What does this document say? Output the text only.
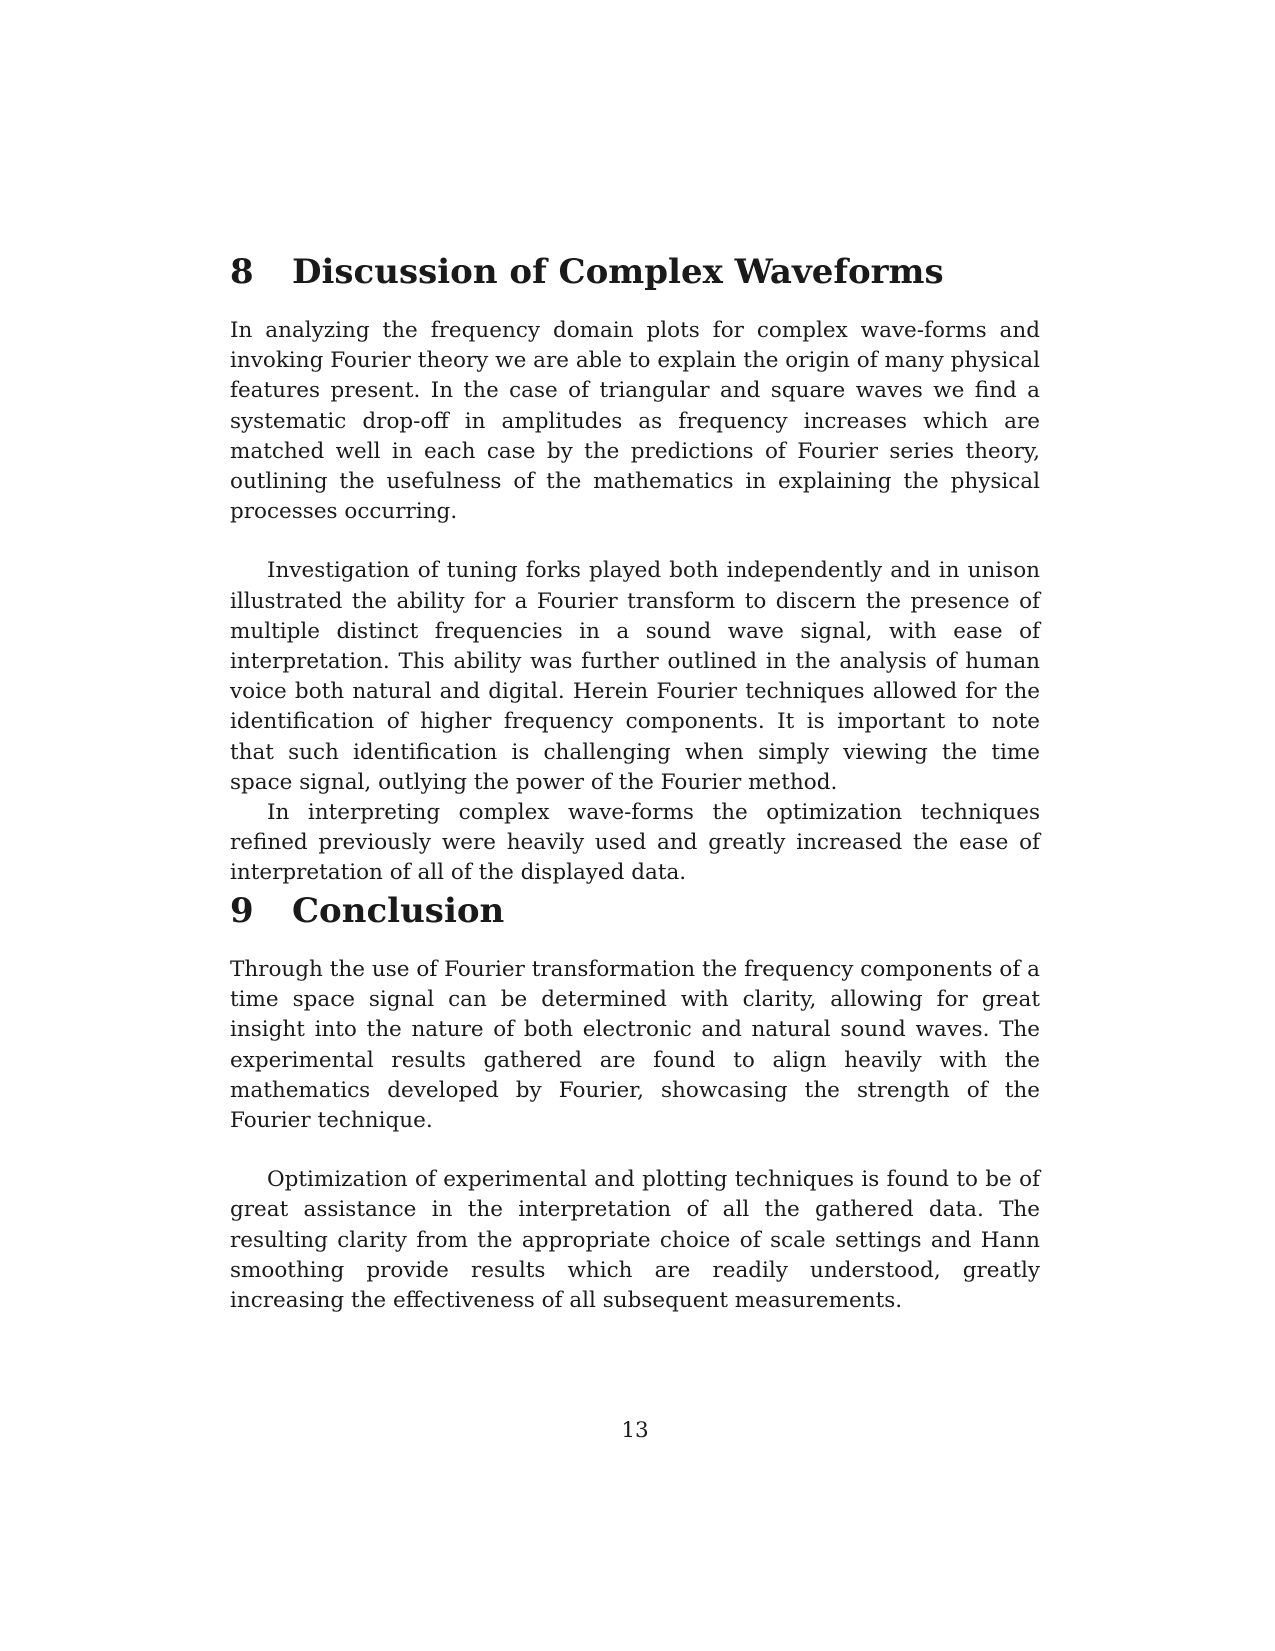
8 Discussion of Complex Waveforms

In analyzing the frequency domain plots for complex wave-forms and invoking Fourier theory we are able to explain the origin of many physical features present. In the case of triangular and square waves we find a systematic drop-off in amplitudes as frequency increases which are matched well in each case by the predictions of Fourier series theory, outlining the usefulness of the mathematics in explaining the physical processes occurring.

Investigation of tuning forks played both independently and in unison illustrated the ability for a Fourier transform to discern the presence of multiple distinct frequencies in a sound wave signal, with ease of interpretation. This ability was further outlined in the analysis of human voice both natural and digital. Herein Fourier techniques allowed for the identification of higher frequency components. It is important to note that such identification is challenging when simply viewing the time space signal, outlying the power of the Fourier method.

In interpreting complex wave-forms the optimization techniques refined previously were heavily used and greatly increased the ease of interpretation of all of the displayed data.

9 Conclusion

Through the use of Fourier transformation the frequency components of a time space signal can be determined with clarity, allowing for great insight into the nature of both electronic and natural sound waves. The experimental results gathered are found to align heavily with the mathematics developed by Fourier, showcasing the strength of the Fourier technique.

Optimization of experimental and plotting techniques is found to be of great assistance in the interpretation of all the gathered data. The resulting clarity from the appropriate choice of scale settings and Hann smoothing provide results which are readily understood, greatly increasing the effectiveness of all subsequent measurements.

13
